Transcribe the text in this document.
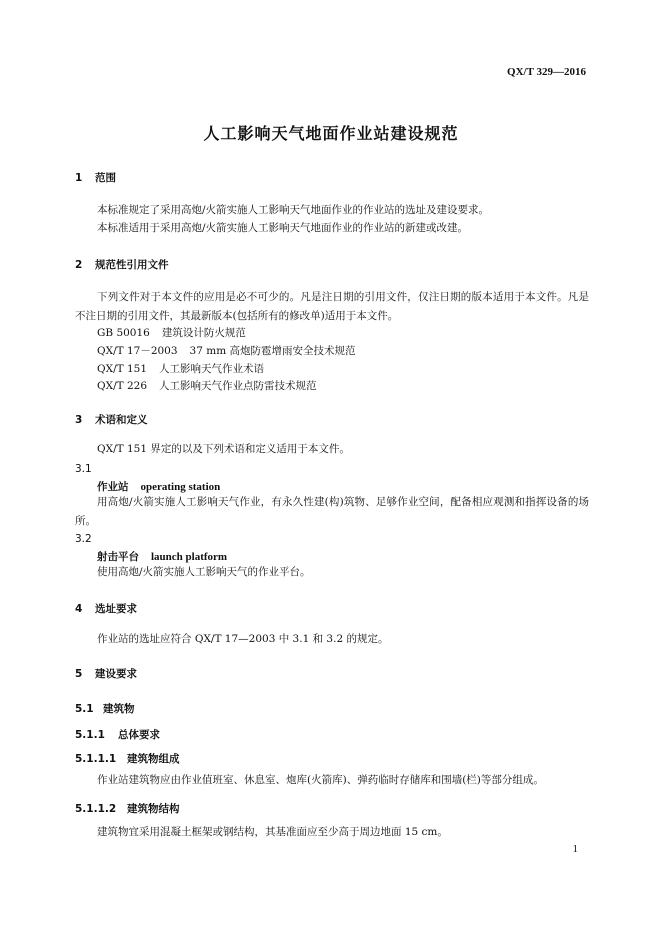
QX/T 329—2016
人工影响天气地面作业站建设规范
1 范围
本标准规定了采用高炮/火箭实施人工影响天气地面作业的作业站的选址及建设要求。
本标准适用于采用高炮/火箭实施人工影响天气地面作业的作业站的新建或改建。
2 规范性引用文件
下列文件对于本文件的应用是必不可少的。凡是注日期的引用文件，仅注日期的版本适用于本文件。凡是不注日期的引用文件，其最新版本(包括所有的修改单)适用于本文件。
GB 50016 建筑设计防火规范
QX/T 17－2003 37 mm 高炮防雹增雨安全技术规范
QX/T 151 人工影响天气作业术语
QX/T 226 人工影响天气作业点防雷技术规范
3 术语和定义
QX/T 151 界定的以及下列术语和定义适用于本文件。
3.1
作业站 operating station
用高炮/火箭实施人工影响天气作业，有永久性建(构)筑物、足够作业空间，配备相应观测和指挥设备的场所。
3.2
射击平台 launch platform
使用高炮/火箭实施人工影响天气的作业平台。
4 选址要求
作业站的选址应符合 QX/T 17—2003 中 3.1 和 3.2 的规定。
5 建设要求
5.1 建筑物
5.1.1 总体要求
5.1.1.1 建筑物组成
作业站建筑物应由作业值班室、休息室、炮库(火箭库)、弹药临时存储库和围墙(栏)等部分组成。
5.1.1.2 建筑物结构
建筑物宜采用混凝土框架或钢结构，其基准面应至少高于周边地面 15 cm。
1
